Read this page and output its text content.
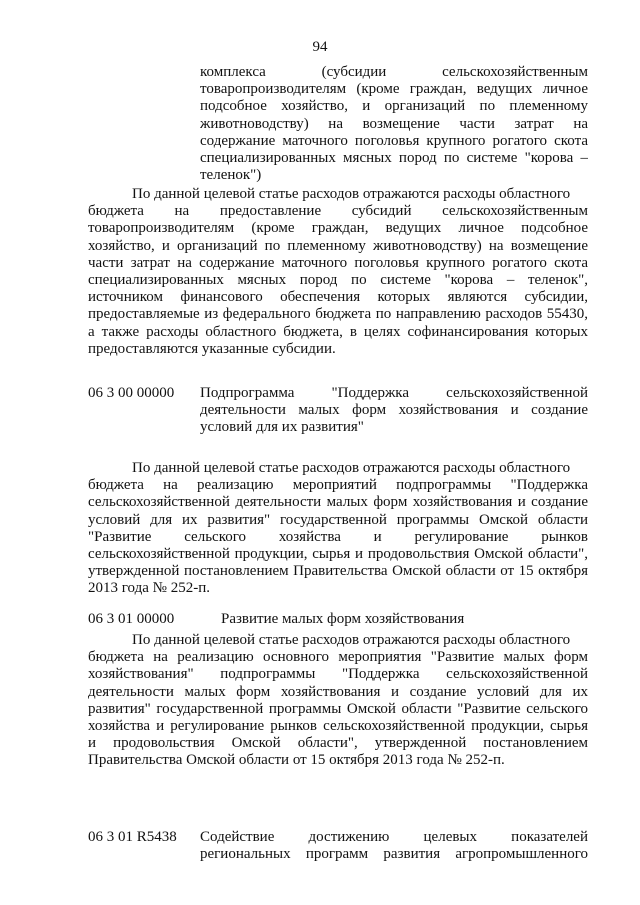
94
комплекса (субсидии сельскохозяйственным
товаропроизводителям (кроме граждан, ведущих личное
подсобное хозяйство, и организаций по племенному
животноводству) на возмещение части затрат на
содержание маточного поголовья крупного рогатого скота
специализированных мясных пород по системе "корова –
теленок")
По данной целевой статье расходов отражаются расходы областного
бюджета на предоставление субсидий сельскохозяйственным
товаропроизводителям (кроме граждан, ведущих личное подсобное
хозяйство, и организаций по племенному животноводству) на возмещение
части затрат на содержание маточного поголовья крупного рогатого скота
специализированных мясных пород по системе "корова – теленок",
источником финансового обеспечения которых являются субсидии,
предоставляемые из федерального бюджета по направлению расходов 55430,
а также расходы областного бюджета, в целях софинансирования которых
предоставляются указанные субсидии.
06 3 00 00000 Подпрограмма "Поддержка сельскохозяйственной
деятельности малых форм хозяйствования и создание
условий для их развития"
По данной целевой статье расходов отражаются расходы областного
бюджета на реализацию мероприятий подпрограммы "Поддержка
сельскохозяйственной деятельности малых форм хозяйствования и создание
условий для их развития" государственной программы Омской области
"Развитие сельского хозяйства и регулирование рынков
сельскохозяйственной продукции, сырья и продовольствия Омской области",
утвержденной постановлением Правительства Омской области от 15 октября
2013 года № 252-п.
06 3 01 00000	Развитие малых форм хозяйствования
По данной целевой статье расходов отражаются расходы областного
бюджета на реализацию основного мероприятия "Развитие малых форм
хозяйствования" подпрограммы "Поддержка сельскохозяйственной
деятельности малых форм хозяйствования и создание условий для их
развития" государственной программы Омской области "Развитие сельского
хозяйства и регулирование рынков сельскохозяйственной продукции, сырья
и продовольствия Омской области", утвержденной постановлением
Правительства Омской области от 15 октября 2013 года № 252-п.
06 3 01 R5438 Содействие достижению целевых показателей
региональных программ развития агропромышленного
